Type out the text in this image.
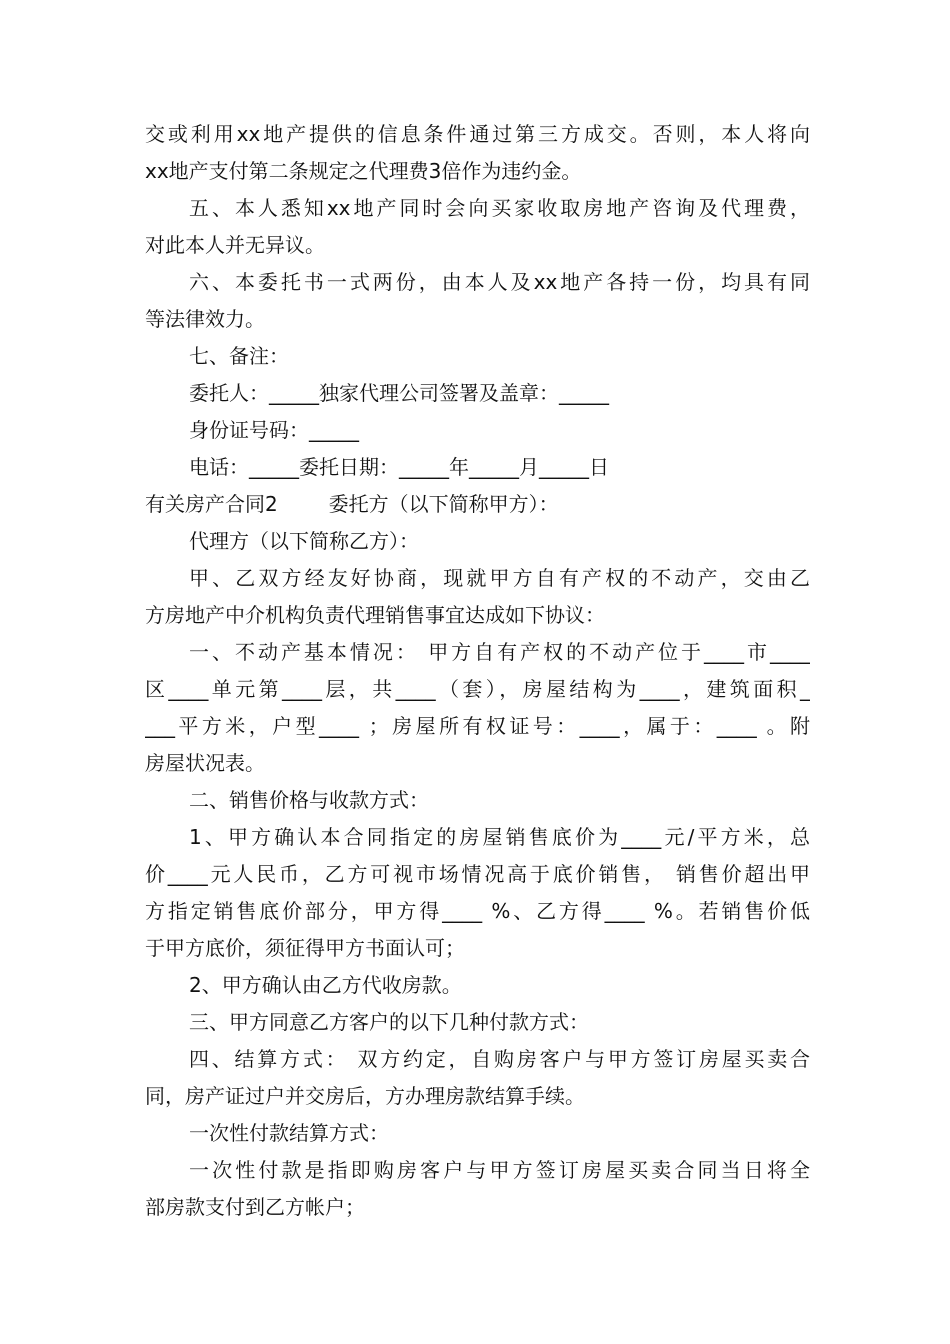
交或利用xx地产提供的信息条件通过第三方成交。否则，本人将向
xx地产支付第二条规定之代理费3倍作为违约金。
五、本人悉知xx地产同时会向买家收取房地产咨询及代理费，
对此本人并无异议。
六、本委托书一式两份，由本人及xx地产各持一份，均具有同
等法律效力。
七、备注：
委托人：_____独家代理公司签署及盖章：_____
身份证号码：_____
电话：_____委托日期：_____年_____月_____日
有关房产合同2        委托方（以下简称甲方）：
代理方（以下简称乙方）：
甲、乙双方经友好协商，现就甲方自有产权的不动产，交由乙
方房地产中介机构负责代理销售事宜达成如下协议：
一、不动产基本情况： 甲方自有产权的不动产位于____市____
区____单元第____层，共____（套），房屋结构为____，建筑面积_
___平方米，户型____ ；房屋所有权证号：____，属于：____ 。附
房屋状况表。
二、销售价格与收款方式：
1、甲方确认本合同指定的房屋销售底价为____元/平方米，总
价____元人民币，乙方可视市场情况高于底价销售， 销售价超出甲
方指定销售底价部分，甲方得____ %、乙方得____ %。若销售价低
于甲方底价，须征得甲方书面认可；
2、甲方确认由乙方代收房款。
三、甲方同意乙方客户的以下几种付款方式：
四、结算方式： 双方约定，自购房客户与甲方签订房屋买卖合
同，房产证过户并交房后，方办理房款结算手续。
一次性付款结算方式：
一次性付款是指即购房客户与甲方签订房屋买卖合同当日将全
部房款支付到乙方帐户；
